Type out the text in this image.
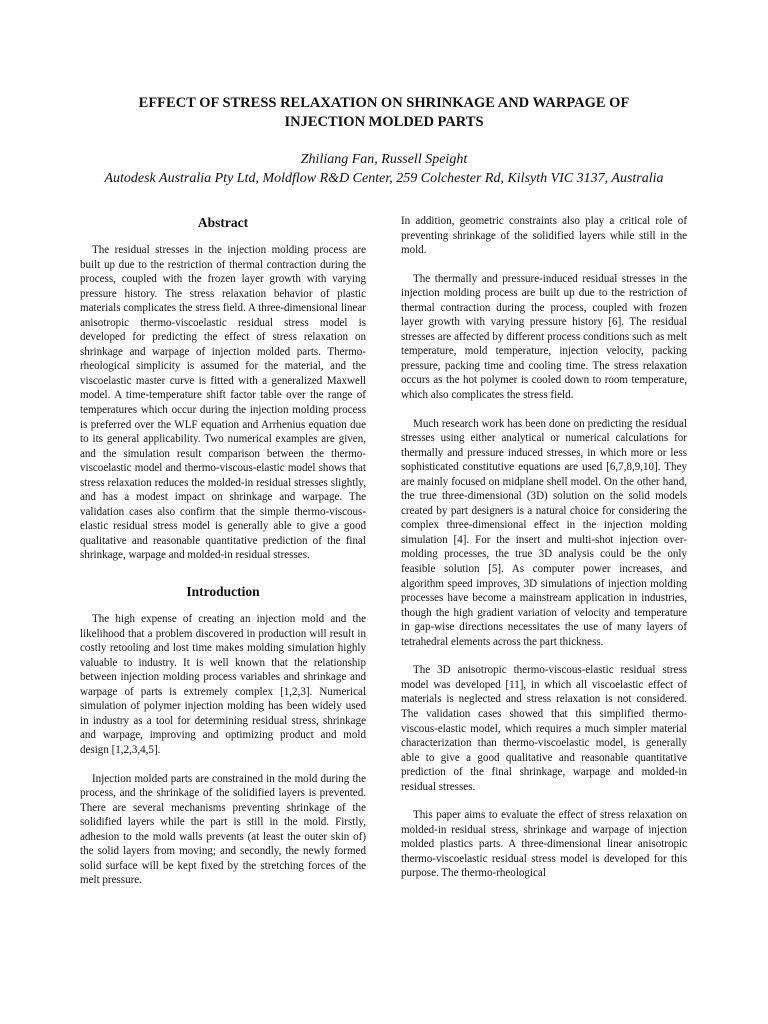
EFFECT OF STRESS RELAXATION ON SHRINKAGE AND WARPAGE OF
INJECTION MOLDED PARTS
Zhiliang Fan, Russell Speight
Autodesk Australia Pty Ltd, Moldflow R&D Center, 259 Colchester Rd, Kilsyth VIC 3137, Australia
Abstract

The residual stresses in the injection molding process are built up due to the restriction of thermal contraction during the process, coupled with the frozen layer growth with varying pressure history. The stress relaxation behavior of plastic materials complicates the stress field. A three-dimensional linear anisotropic thermo-viscoelastic residual stress model is developed for predicting the effect of stress relaxation on shrinkage and warpage of injection molded parts. Thermo-rheological simplicity is assumed for the material, and the viscoelastic master curve is fitted with a generalized Maxwell model. A time-temperature shift factor table over the range of temperatures which occur during the injection molding process is preferred over the WLF equation and Arrhenius equation due to its general applicability. Two numerical examples are given, and the simulation result comparison between the thermo-viscoelastic model and thermo-viscous-elastic model shows that stress relaxation reduces the molded-in residual stresses slightly, and has a modest impact on shrinkage and warpage. The validation cases also confirm that the simple thermo-viscous-elastic residual stress model is generally able to give a good qualitative and reasonable quantitative prediction of the final shrinkage, warpage and molded-in residual stresses.

Introduction

The high expense of creating an injection mold and the likelihood that a problem discovered in production will result in costly retooling and lost time makes molding simulation highly valuable to industry. It is well known that the relationship between injection molding process variables and shrinkage and warpage of parts is extremely complex [1,2,3]. Numerical simulation of polymer injection molding has been widely used in industry as a tool for determining residual stress, shrinkage and warpage, improving and optimizing product and mold design [1,2,3,4,5].

Injection molded parts are constrained in the mold during the process, and the shrinkage of the solidified layers is prevented. There are several mechanisms preventing shrinkage of the solidified layers while the part is still in the mold. Firstly, adhesion to the mold walls prevents (at least the outer skin of) the solid layers from moving; and secondly, the newly formed solid surface will be kept fixed by the stretching forces of the melt pressure.

In addition, geometric constraints also play a critical role of preventing shrinkage of the solidified layers while still in the mold.

The thermally and pressure-induced residual stresses in the injection molding process are built up due to the restriction of thermal contraction during the process, coupled with frozen layer growth with varying pressure history [6]. The residual stresses are affected by different process conditions such as melt temperature, mold temperature, injection velocity, packing pressure, packing time and cooling time. The stress relaxation occurs as the hot polymer is cooled down to room temperature, which also complicates the stress field.

Much research work has been done on predicting the residual stresses using either analytical or numerical calculations for thermally and pressure induced stresses, in which more or less sophisticated constitutive equations are used [6,7,8,9,10]. They are mainly focused on midplane shell model. On the other hand, the true three-dimensional (3D) solution on the solid models created by part designers is a natural choice for considering the complex three-dimensional effect in the injection molding simulation [4]. For the insert and multi-shot injection over-molding processes, the true 3D analysis could be the only feasible solution [5]. As computer power increases, and algorithm speed improves, 3D simulations of injection molding processes have become a mainstream application in industries, though the high gradient variation of velocity and temperature in gap-wise directions necessitates the use of many layers of tetrahedral elements across the part thickness.

The 3D anisotropic thermo-viscous-elastic residual stress model was developed [11], in which all viscoelastic effect of materials is neglected and stress relaxation is not considered. The validation cases showed that this simplified thermo-viscous-elastic model, which requires a much simpler material characterization than thermo-viscoelastic model, is generally able to give a good qualitative and reasonable quantitative prediction of the final shrinkage, warpage and molded-in residual stresses.

This paper aims to evaluate the effect of stress relaxation on molded-in residual stress, shrinkage and warpage of injection molded plastics parts. A three-dimensional linear anisotropic thermo-viscoelastic residual stress model is developed for this purpose. The thermo-rheological
